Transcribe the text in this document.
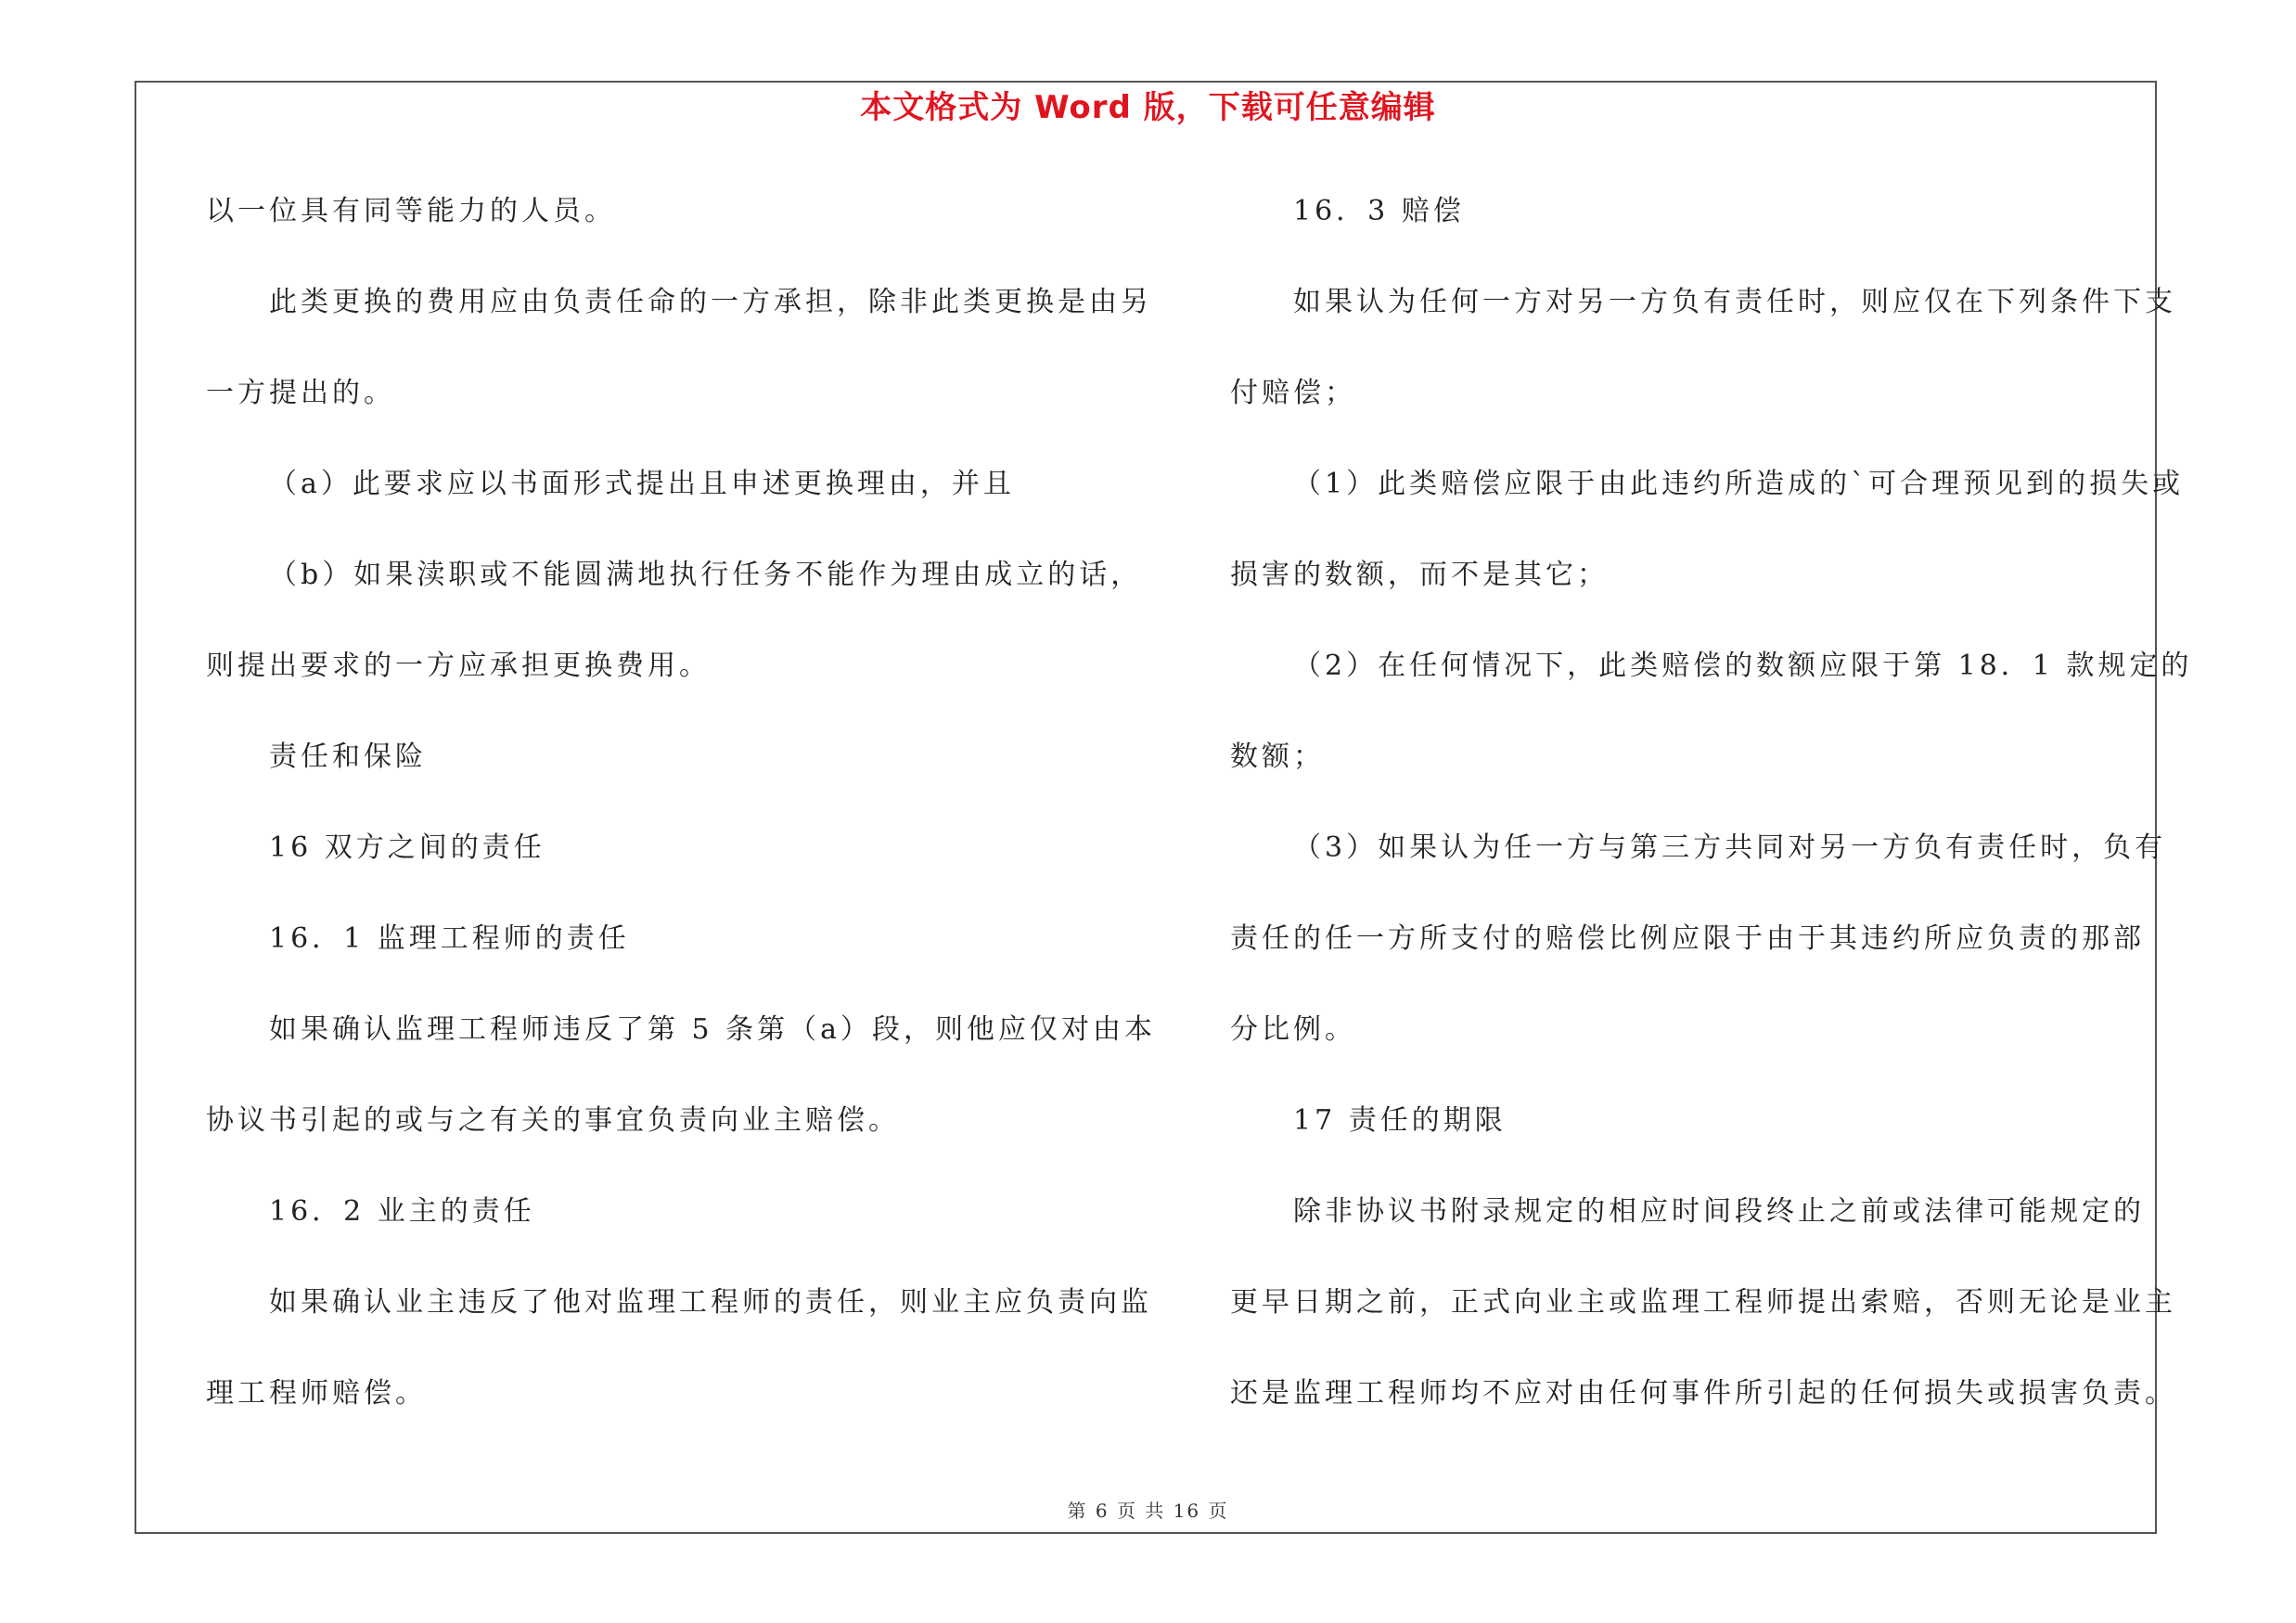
本文格式为 Word 版，下载可任意编辑
以一位具有同等能力的人员。
此类更换的费用应由负责任命的一方承担，除非此类更换是由另
一方提出的。
（a）此要求应以书面形式提出且申述更换理由，并且
（b）如果渎职或不能圆满地执行任务不能作为理由成立的话，
则提出要求的一方应承担更换费用。
责任和保险
16 双方之间的责任
16．1 监理工程师的责任
如果确认监理工程师违反了第 5 条第（a）段，则他应仅对由本
协议书引起的或与之有关的事宜负责向业主赔偿。
16．2 业主的责任
如果确认业主违反了他对监理工程师的责任，则业主应负责向监
理工程师赔偿。
16．3 赔偿
如果认为任何一方对另一方负有责任时，则应仅在下列条件下支
付赔偿；
（1）此类赔偿应限于由此违约所造成的`可合理预见到的损失或
损害的数额，而不是其它；
（2）在任何情况下，此类赔偿的数额应限于第 18．1 款规定的
数额；
（3）如果认为任一方与第三方共同对另一方负有责任时，负有
责任的任一方所支付的赔偿比例应限于由于其违约所应负责的那部
分比例。
17 责任的期限
除非协议书附录规定的相应时间段终止之前或法律可能规定的
更早日期之前，正式向业主或监理工程师提出索赔，否则无论是业主
还是监理工程师均不应对由任何事件所引起的任何损失或损害负责。
第 6 页 共 16 页
